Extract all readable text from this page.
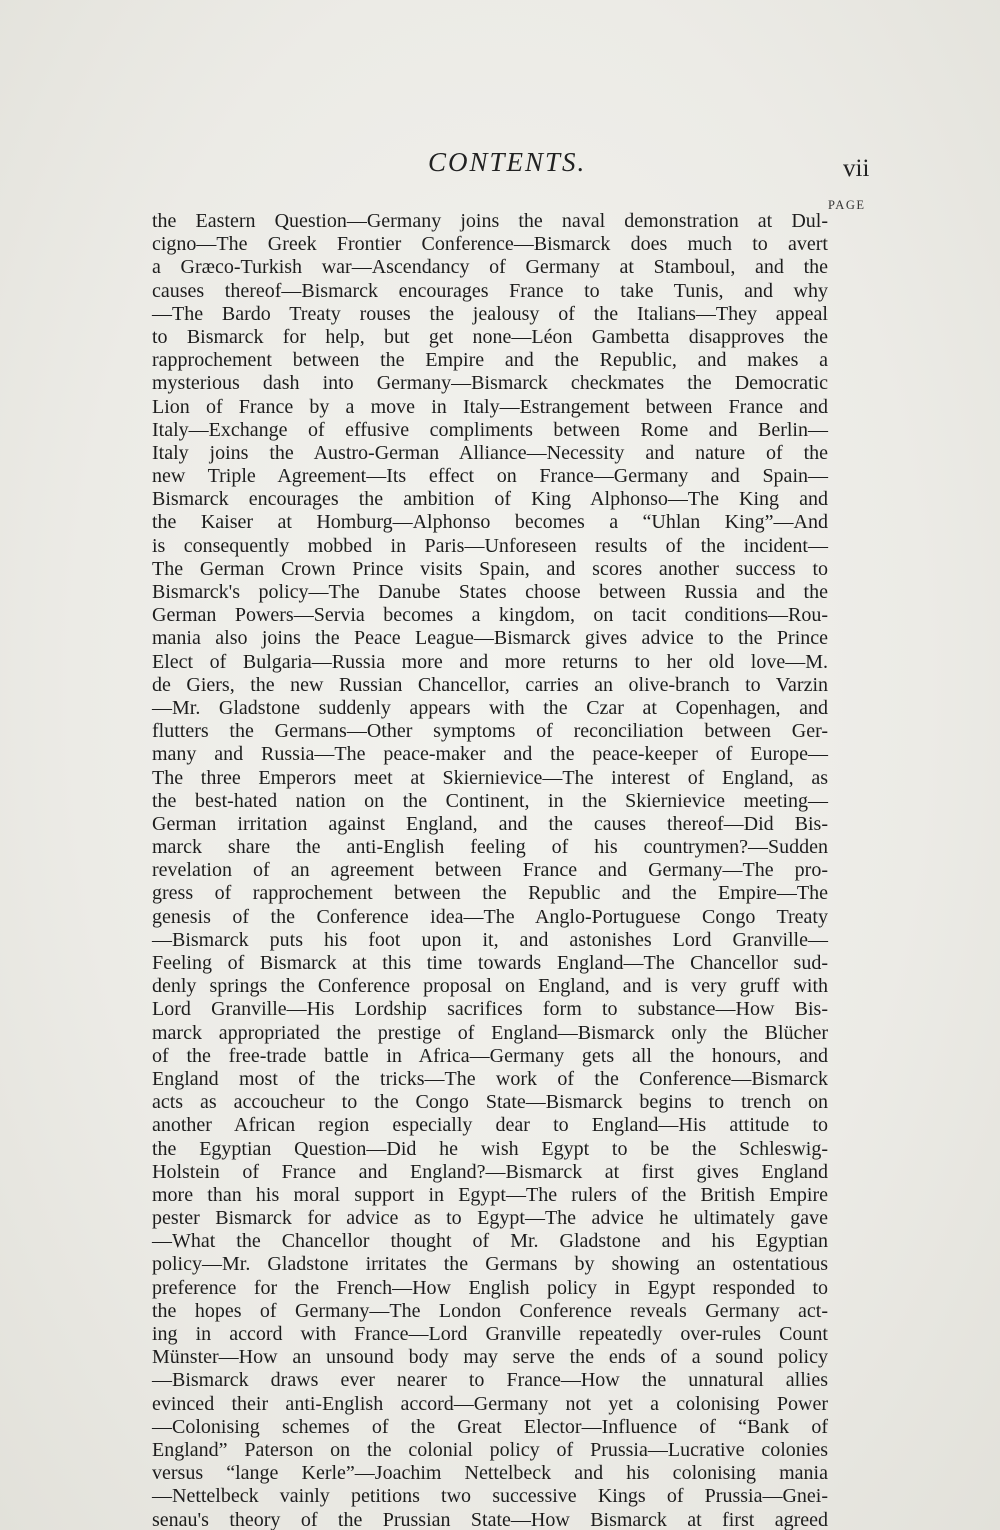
CONTENTS.	vii
PAGE
the Eastern Question—Germany joins the naval demonstration at Dul-
cigno—The Greek Frontier Conference—Bismarck does much to avert
a Græco-Turkish war—Ascendancy of Germany at Stamboul, and the
causes thereof—Bismarck encourages France to take Tunis, and why
—The Bardo Treaty rouses the jealousy of the Italians—They appeal
to Bismarck for help, but get none—Léon Gambetta disapproves the
rapprochement between the Empire and the Republic, and makes a
mysterious dash into Germany—Bismarck checkmates the Democratic
Lion of France by a move in Italy—Estrangement between France and
Italy—Exchange of effusive compliments between Rome and Berlin—
Italy joins the Austro-German Alliance—Necessity and nature of the
new Triple Agreement—Its effect on France—Germany and Spain—
Bismarck encourages the ambition of King Alphonso—The King and
the Kaiser at Homburg—Alphonso becomes a “Uhlan King”—And
is consequently mobbed in Paris—Unforeseen results of the incident—
The German Crown Prince visits Spain, and scores another success to
Bismarck's policy—The Danube States choose between Russia and the
German Powers—Servia becomes a kingdom, on tacit conditions—Rou-
mania also joins the Peace League—Bismarck gives advice to the Prince
Elect of Bulgaria—Russia more and more returns to her old love—M.
de Giers, the new Russian Chancellor, carries an olive-branch to Varzin
—Mr. Gladstone suddenly appears with the Czar at Copenhagen, and
flutters the Germans—Other symptoms of reconciliation between Ger-
many and Russia—The peace-maker and the peace-keeper of Europe—
The three Emperors meet at Skiernievice—The interest of England, as
the best-hated nation on the Continent, in the Skiernievice meeting—
German irritation against England, and the causes thereof—Did Bis-
marck share the anti-English feeling of his countrymen?—Sudden
revelation of an agreement between France and Germany—The pro-
gress of rapprochement between the Republic and the Empire—The
genesis of the Conference idea—The Anglo-Portuguese Congo Treaty
—Bismarck puts his foot upon it, and astonishes Lord Granville—
Feeling of Bismarck at this time towards England—The Chancellor sud-
denly springs the Conference proposal on England, and is very gruff with
Lord Granville—His Lordship sacrifices form to substance—How Bis-
marck appropriated the prestige of England—Bismarck only the Blücher
of the free-trade battle in Africa—Germany gets all the honours, and
England most of the tricks—The work of the Conference—Bismarck
acts as accoucheur to the Congo State—Bismarck begins to trench on
another African region especially dear to England—His attitude to
the Egyptian Question—Did he wish Egypt to be the Schleswig-
Holstein of France and England?—Bismarck at first gives England
more than his moral support in Egypt—The rulers of the British Empire
pester Bismarck for advice as to Egypt—The advice he ultimately gave
—What the Chancellor thought of Mr. Gladstone and his Egyptian
policy—Mr. Gladstone irritates the Germans by showing an ostentatious
preference for the French—How English policy in Egypt responded to
the hopes of Germany—The London Conference reveals Germany act-
ing in accord with France—Lord Granville repeatedly over-rules Count
Münster—How an unsound body may serve the ends of a sound policy
—Bismarck draws ever nearer to France—How the unnatural allies
evinced their anti-English accord—Germany not yet a colonising Power
—Colonising schemes of the Great Elector—Influence of “Bank of
England” Paterson on the colonial policy of Prussia—Lucrative colonies
versus “lange Kerle”—Joachim Nettelbeck and his colonising mania
—Nettelbeck vainly petitions two successive Kings of Prussia—Gnei-
senau's theory of the Prussian State—How Bismarck at first agreed
